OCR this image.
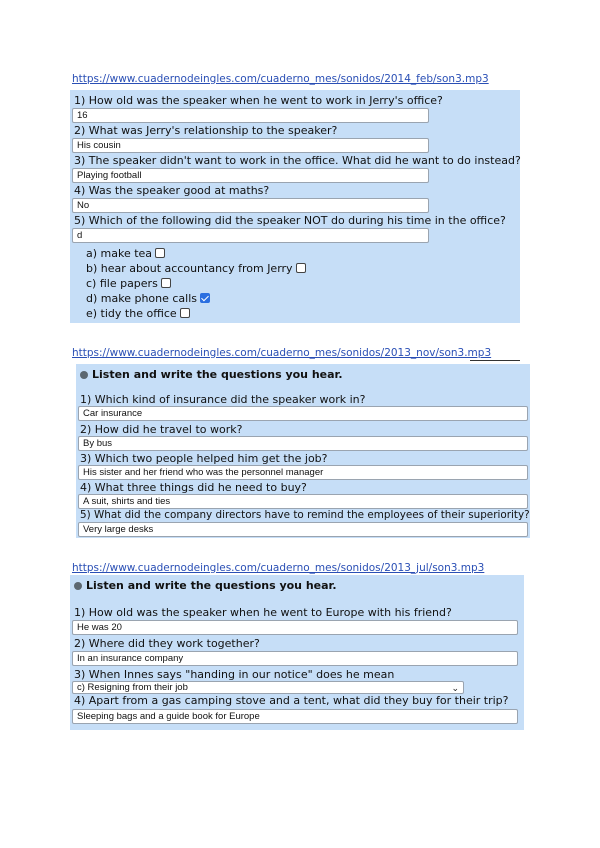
https://www.cuadernodeingles.com/cuaderno_mes/sonidos/2014_feb/son3.mp3
1) How old was the speaker when he went to work in Jerry's office?
16
2) What was Jerry's relationship to the speaker?
His cousin
3) The speaker didn't want to work in the office. What did he want to do instead?
Playing football
4) Was the speaker good at maths?
No
5) Which of the following did the speaker NOT do during his time in the office?
d
a) make tea
b) hear about accountancy from Jerry
c) file papers
d) make phone calls
e) tidy the office
https://www.cuadernodeingles.com/cuaderno_mes/sonidos/2013_nov/son3.mp3
Listen and write the questions you hear.
1) Which kind of insurance did the speaker work in?
Car insurance
2) How did he travel to work?
By bus
3) Which two people helped him get the job?
His sister and her friend who was the personnel manager
4) What three things did he need to buy?
A suit, shirts and ties
5) What did the company directors have to remind the employees of their superiority?
Very large desks
https://www.cuadernodeingles.com/cuaderno_mes/sonidos/2013_jul/son3.mp3
Listen and write the questions you hear.
1) How old was the speaker when he went to Europe with his friend?
He was 20
2) Where did they work together?
In an insurance company
3) When Innes says "handing in our notice" does he mean
c) Resigning from their job	⌄
4) Apart from a gas camping stove and a tent, what did they buy for their trip?
Sleeping bags and a guide book for Europe
